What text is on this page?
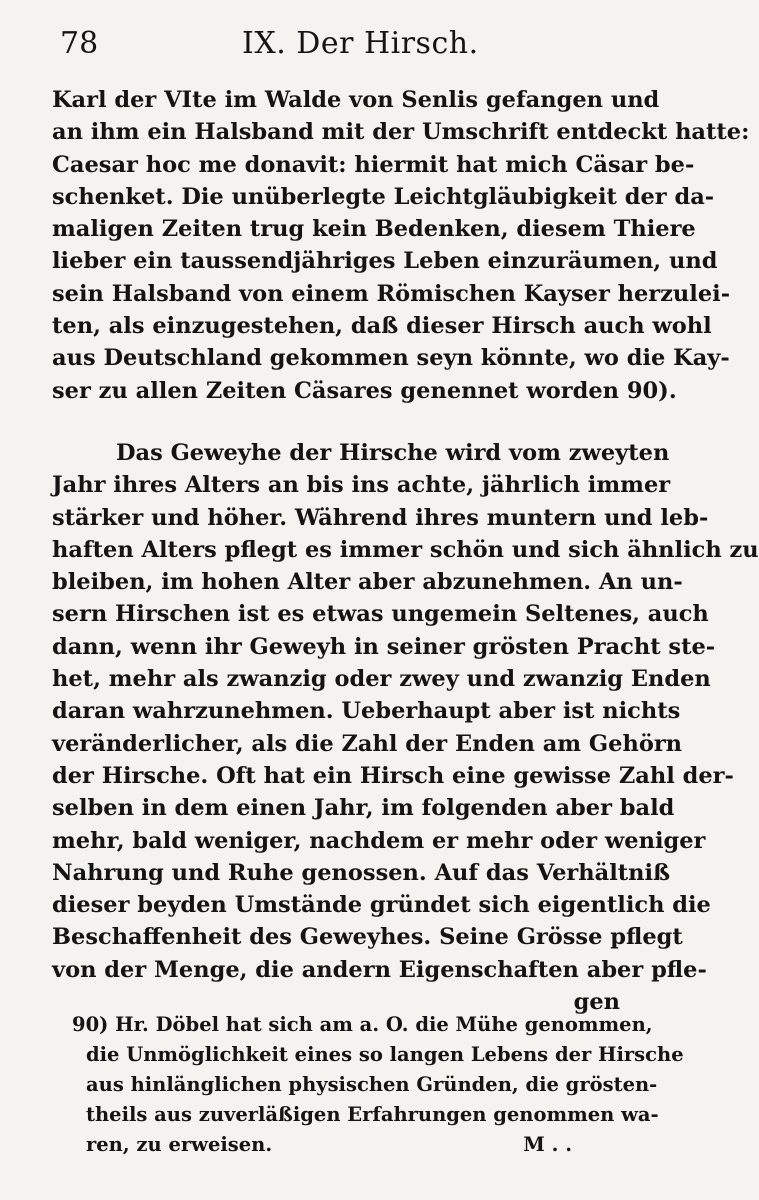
78	IX. Der Hirsch.
Karl der VIte im Walde von Senlis gefangen und
an ihm ein Halsband mit der Umschrift entdeckt hatte:
Caesar hoc me donavit: hiermit hat mich Cäsar be-
schenket. Die unüberlegte Leichtgläubigkeit der da-
maligen Zeiten trug kein Bedenken, diesem Thiere
lieber ein taussendjähriges Leben einzuräumen, und
sein Halsband von einem Römischen Kayser herzulei-
ten, als einzugestehen, daß dieser Hirsch auch wohl
aus Deutschland gekommen seyn könnte, wo die Kay-
ser zu allen Zeiten Cäsares genennet worden 90).
Das Geweyhe der Hirsche wird vom zweyten
Jahr ihres Alters an bis ins achte, jährlich immer
stärker und höher. Während ihres muntern und leb-
haften Alters pflegt es immer schön und sich ähnlich zu
bleiben, im hohen Alter aber abzunehmen. An un-
sern Hirschen ist es etwas ungemein Seltenes, auch
dann, wenn ihr Geweyh in seiner grösten Pracht ste-
het, mehr als zwanzig oder zwey und zwanzig Enden
daran wahrzunehmen. Ueberhaupt aber ist nichts
veränderlicher, als die Zahl der Enden am Gehörn
der Hirsche. Oft hat ein Hirsch eine gewisse Zahl der-
selben in dem einen Jahr, im folgenden aber bald
mehr, bald weniger, nachdem er mehr oder weniger
Nahrung und Ruhe genossen. Auf das Verhältniß
dieser beyden Umstände gründet sich eigentlich die
Beschaffenheit des Geweyhes. Seine Grösse pflegt
von der Menge, die andern Eigenschaften aber pfle-
gen
90) Hr. Döbel hat sich am a. O. die Mühe genommen,
die Unmöglichkeit eines so langen Lebens der Hirsche
aus hinlänglichen physischen Gründen, die grösten-
theils aus zuverläßigen Erfahrungen genommen wa-
ren, zu erweisen.	M . .
